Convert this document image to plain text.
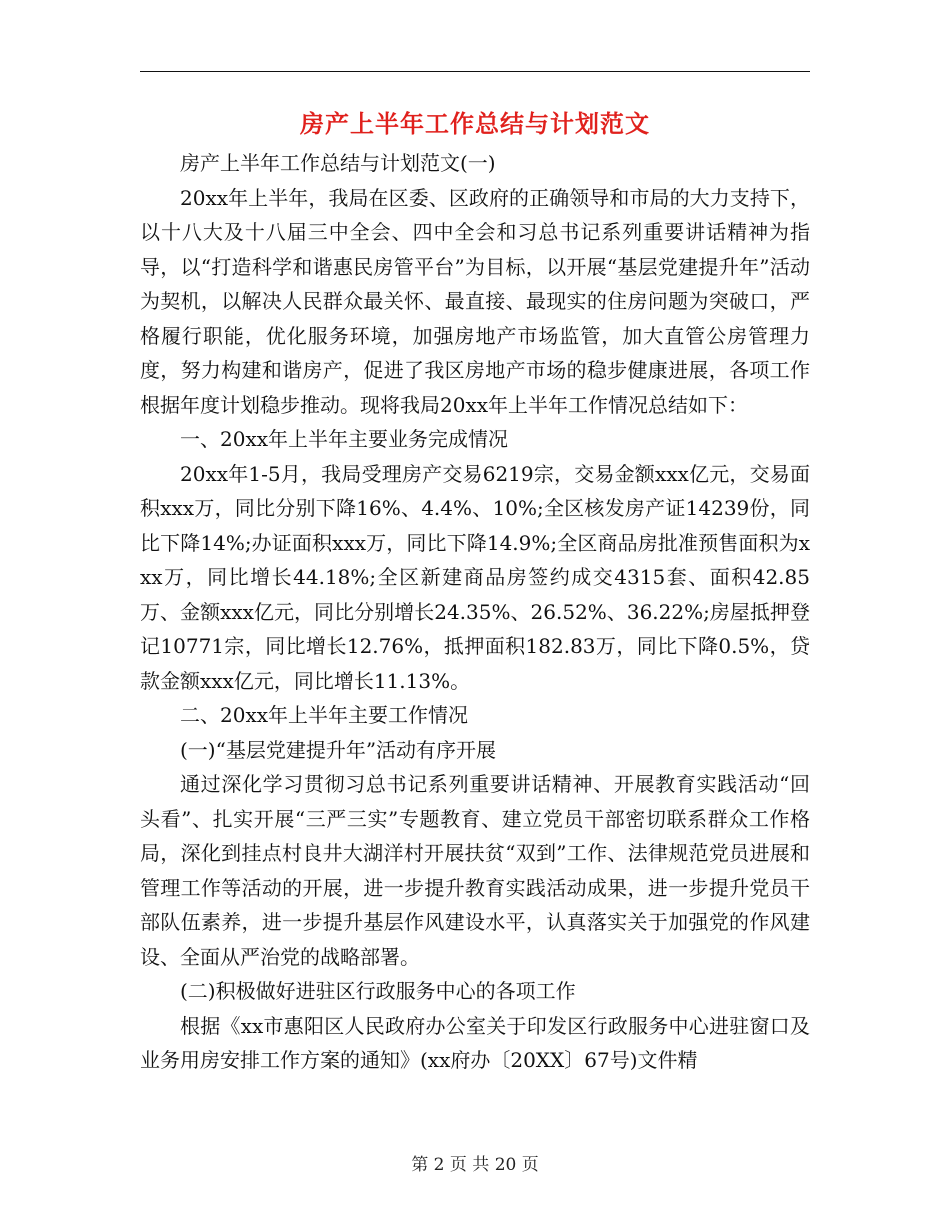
房产上半年工作总结与计划范文

房产上半年工作总结与计划范文(一)

20xx年上半年，我局在区委、区政府的正确领导和市局的大力支持下，以十八大及十八届三中全会、四中全会和习总书记系列重要讲话精神为指导，以“打造科学和谐惠民房管平台”为目标，以开展“基层党建提升年”活动为契机，以解决人民群众最关怀、最直接、最现实的住房问题为突破口，严格履行职能，优化服务环境，加强房地产市场监管，加大直管公房管理力度，努力构建和谐房产，促进了我区房地产市场的稳步健康进展，各项工作根据年度计划稳步推动。现将我局20xx年上半年工作情况总结如下：

一、20xx年上半年主要业务完成情况

20xx年1-5月，我局受理房产交易6219宗，交易金额xxx亿元，交易面积xxx万，同比分别下降16%、4.4%、10%;全区核发房产证14239份，同比下降14%;办证面积xxx万，同比下降14.9%;全区商品房批准预售面积为xxx万，同比增长44.18%;全区新建商品房签约成交4315套、面积42.85万、金额xxx亿元，同比分别增长24.35%、26.52%、36.22%;房屋抵押登记10771宗，同比增长12.76%，抵押面积182.83万，同比下降0.5%，贷款金额xxx亿元，同比增长11.13%。

二、20xx年上半年主要工作情况

(一)“基层党建提升年”活动有序开展

通过深化学习贯彻习总书记系列重要讲话精神、开展教育实践活动“回头看”、扎实开展“三严三实”专题教育、建立党员干部密切联系群众工作格局，深化到挂点村良井大湖洋村开展扶贫“双到”工作、法律规范党员进展和管理工作等活动的开展，进一步提升教育实践活动成果，进一步提升党员干部队伍素养，进一步提升基层作风建设水平，认真落实关于加强党的作风建设、全面从严治党的战略部署。

(二)积极做好进驻区行政服务中心的各项工作

根据《xx市惠阳区人民政府办公室关于印发区行政服务中心进驻窗口及业务用房安排工作方案的通知》(xx府办〔20XX〕67号)文件精

第 2 页 共 20 页
